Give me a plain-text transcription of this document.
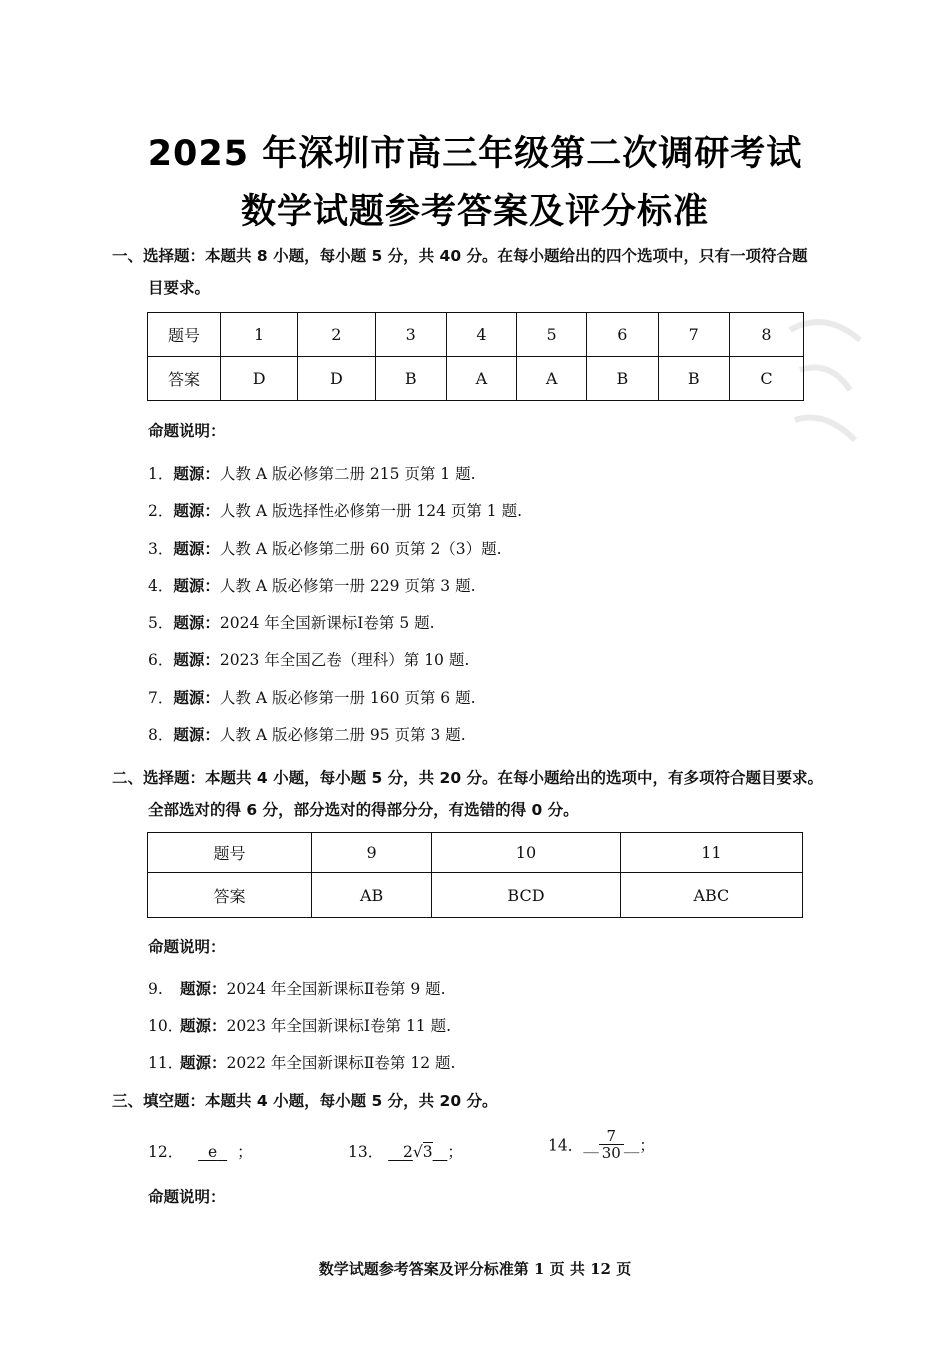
2025 年深圳市高三年级第二次调研考试
数学试题参考答案及评分标准
一、选择题：本题共 8 小题，每小题 5 分，共 40 分。在每小题给出的四个选项中，只有一项符合题
目要求。
题号	1	2	3	4	5	6	7	8
答案	D	D	B	A	A	B	B	C
命题说明：
1．题源：人教 A 版必修第二册 215 页第 1 题.
2．题源：人教 A 版选择性必修第一册 124 页第 1 题.
3．题源：人教 A 版必修第二册 60 页第 2（3）题.
4．题源：人教 A 版必修第一册 229 页第 3 题.
5．题源：2024 年全国新课标Ⅰ卷第 5 题.
6．题源：2023 年全国乙卷（理科）第 10 题.
7．题源：人教 A 版必修第一册 160 页第 6 题.
8．题源：人教 A 版必修第二册 95 页第 3 题.
二、选择题：本题共 4 小题，每小题 5 分，共 20 分。在每小题给出的选项中，有多项符合题目要求。
全部选对的得 6 分，部分选对的得部分分，有选错的得 0 分。
题号	9	10	11
答案	AB	BCD	ABC
命题说明：
9.题源：2024 年全国新课标Ⅱ卷第 9 题.
10．题源：2023 年全国新课标Ⅰ卷第 11 题.
11．题源：2022 年全国新课标Ⅱ卷第 12 题.
三、填空题：本题共 4 小题，每小题 5 分，共 20 分。
12． e ；	13． 2√3 ；	14．__ $\frac{7}{30}$ __；
命题说明：
数学试题参考答案及评分标准第 1 页 共 12 页
